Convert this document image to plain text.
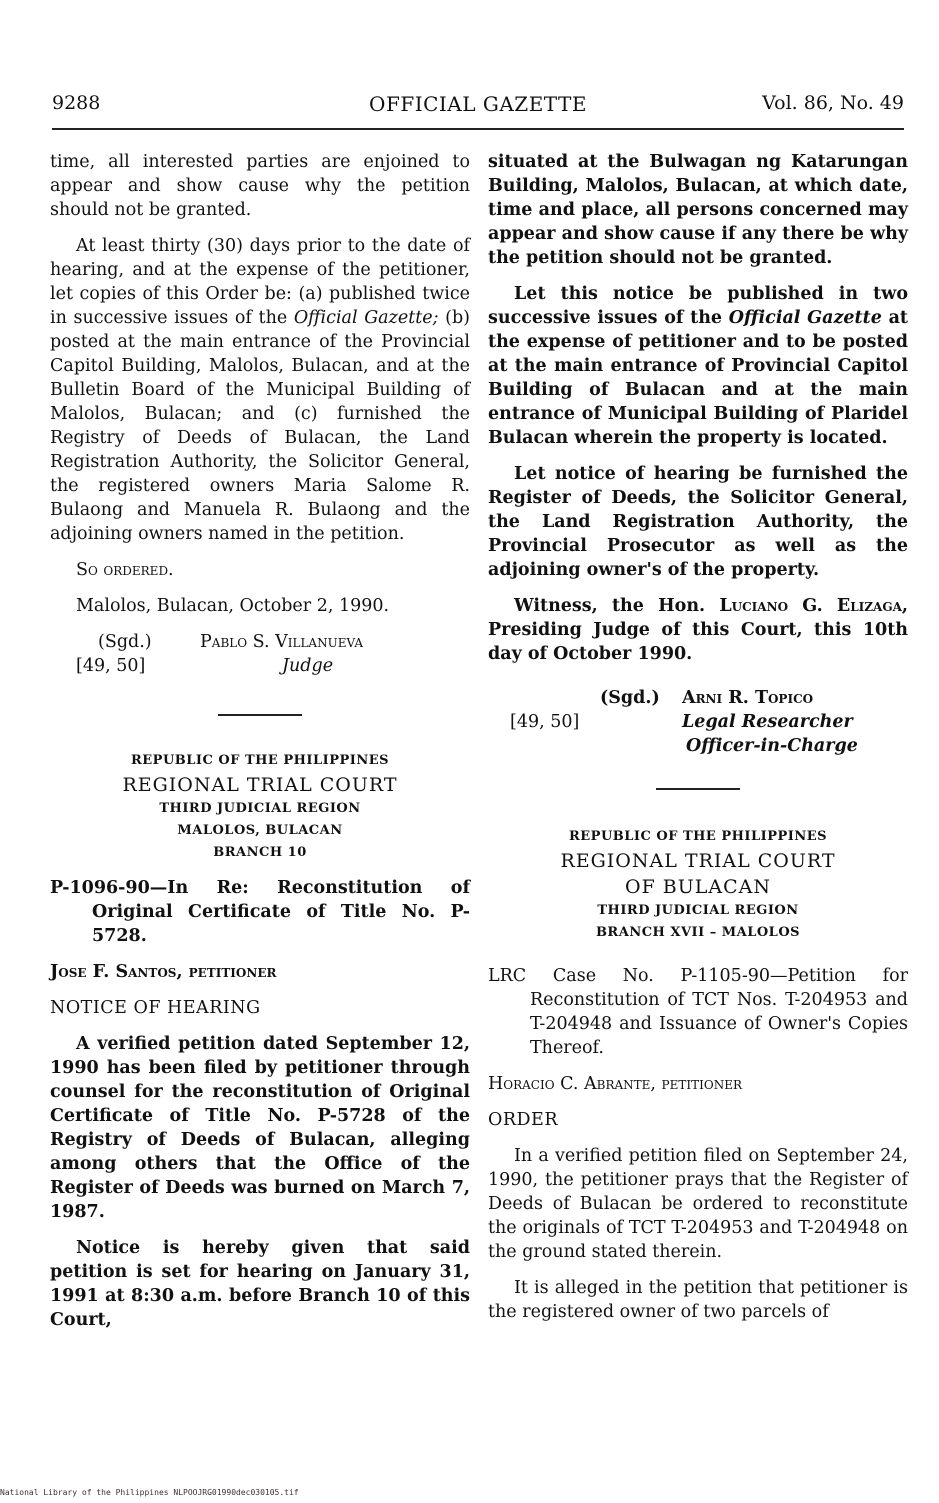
9288	OFFICIAL GAZETTE	Vol. 86, No. 49

time, all interested parties are enjoined to appear and show cause why the petition should not be granted.

At least thirty (30) days prior to the date of hearing, and at the expense of the petitioner, let copies of this Order be: (a) published twice in successive issues of the Official Gazette; (b) posted at the main entrance of the Provincial Capitol Building, Malolos, Bulacan, and at the Bulletin Board of the Municipal Building of Malolos, Bulacan; and (c) furnished the Registry of Deeds of Bulacan, the Land Registration Authority, the Solicitor General, the registered owners Maria Salome R. Bulaong and Manuela R. Bulaong and the adjoining owners named in the petition.

So ordered.

Malolos, Bulacan, October 2, 1990.

(Sgd.)	Pablo S. Villanueva
[49, 50]	Judge
REPUBLIC OF THE PHILIPPINES
REGIONAL TRIAL COURT
THIRD JUDICIAL REGION
MALOLOS, BULACAN
BRANCH 10

P-1096-90—In Re: Reconstitution of Original Certificate of Title No. P-5728.

Jose F. Santos, petitioner

NOTICE OF HEARING

A verified petition dated September 12, 1990 has been filed by petitioner through counsel for the reconstitution of Original Certificate of Title No. P-5728 of the Registry of Deeds of Bulacan, alleging among others that the Office of the Register of Deeds was burned on March 7, 1987.

Notice is hereby given that said petition is set for hearing on January 31, 1991 at 8:30 a.m. before Branch 10 of this Court,

situated at the Bulwagan ng Katarungan Building, Malolos, Bulacan, at which date, time and place, all persons concerned may appear and show cause if any there be why the petition should not be granted.

Let this notice be published in two successive issues of the Official Gazette at the expense of petitioner and to be posted at the main entrance of Provincial Capitol Building of Bulacan and at the main entrance of Municipal Building of Plaridel Bulacan wherein the property is located.

Let notice of hearing be furnished the Register of Deeds, the Solicitor General, the Land Registration Authority, the Provincial Prosecutor as well as the adjoining owner's of the property.

Witness, the Hon. Luciano G. Elizaga, Presiding Judge of this Court, this 10th day of October 1990.

(Sgd.) Arni R. Topico
[49, 50]	Legal Researcher
Officer-in-Charge
REPUBLIC OF THE PHILIPPINES
REGIONAL TRIAL COURT
OF BULACAN
THIRD JUDICIAL REGION
BRANCH XVII – MALOLOS

LRC Case No. P-1105-90—Petition for Reconstitution of TCT Nos. T-204953 and T-204948 and Issuance of Owner's Copies Thereof.

Horacio C. Abrante, petitioner

ORDER

In a verified petition filed on September 24, 1990, the petitioner prays that the Register of Deeds of Bulacan be ordered to reconstitute the originals of TCT T-204953 and T-204948 on the ground stated therein.

It is alleged in the petition that petitioner is the registered owner of two parcels of

National Library of the Philippines NLPOOJRG01990dec030105.tif
